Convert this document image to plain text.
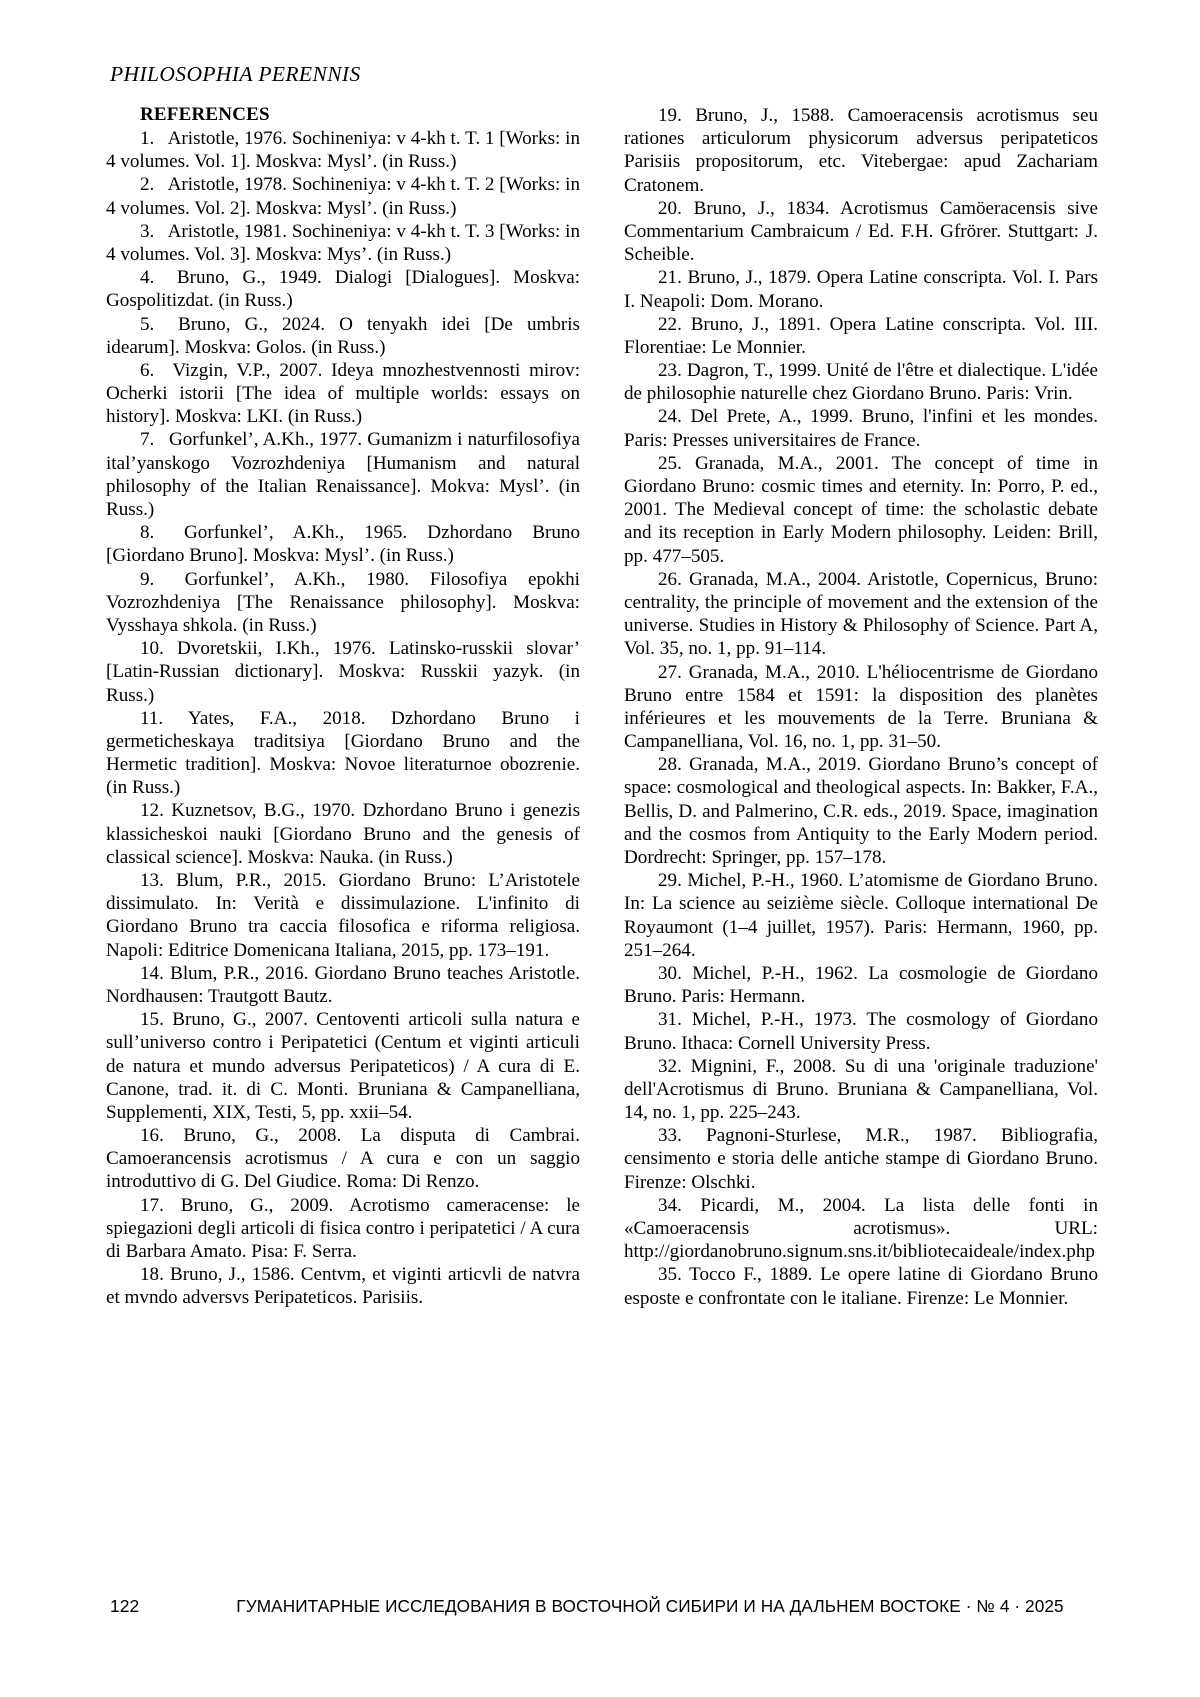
PHILOSOPHIA PERENNIS
REFERENCES

1.  Aristotle, 1976. Sochineniya: v 4-kh t. T. 1 [Works: in 4 volumes. Vol. 1]. Moskva: Mysl’. (in Russ.)

2.  Aristotle, 1978. Sochineniya: v 4-kh t. T. 2 [Works: in 4 volumes. Vol. 2]. Moskva: Mysl’. (in Russ.)

3.  Aristotle, 1981. Sochineniya: v 4-kh t. T. 3 [Works: in 4 volumes. Vol. 3]. Moskva: Mys’. (in Russ.)

4.  Bruno, G., 1949. Dialogi [Dialogues]. Moskva: Gospolitizdat. (in Russ.)

5.  Bruno, G., 2024. O tenyakh idei [De umbris idearum]. Moskva: Golos. (in Russ.)

6.  Vizgin, V.P., 2007. Ideya mnozhestvennosti mirov: Ocherki istorii [The idea of multiple worlds: essays on history]. Moskva: LKI. (in Russ.)

7.  Gorfunkel’, A.Kh., 1977. Gumanizm i naturfilosofiya ital’yanskogo Vozrozhdeniya [Humanism and natural philosophy of the Italian Renaissance]. Mokva: Mysl’. (in Russ.)

8.  Gorfunkel’, A.Kh., 1965. Dzhordano Bruno [Giordano Bruno]. Moskva: Mysl’. (in Russ.)

9.  Gorfunkel’, A.Kh., 1980. Filosofiya epokhi Vozrozhdeniya [The Renaissance philosophy]. Moskva: Vysshaya shkola. (in Russ.)

10. Dvoretskii, I.Kh., 1976. Latinsko-russkii slovar’ [Latin-Russian dictionary]. Moskva: Russkii yazyk. (in Russ.)

11. Yates, F.A., 2018. Dzhordano Bruno i germeticheskaya traditsiya [Giordano Bruno and the Hermetic tradition]. Moskva: Novoe literaturnoe obozrenie. (in Russ.)

12. Kuznetsov, B.G., 1970. Dzhordano Bruno i genezis klassicheskoi nauki [Giordano Bruno and the genesis of classical science]. Moskva: Nauka. (in Russ.)

13. Blum, P.R., 2015. Giordano Bruno: L’Aristotele dissimulato. In: Verità e dissimulazione. L'infinito di Giordano Bruno tra caccia filosofica e riforma religiosa. Napoli: Editrice Domenicana Italiana, 2015, pp. 173–191.

14. Blum, P.R., 2016. Giordano Bruno teaches Aristotle. Nordhausen: Trautgott Bautz.

15. Bruno, G., 2007. Centoventi articoli sulla natura e sull’universo contro i Peripatetici (Centum et viginti articuli de natura et mundo adversus Peripateticos) / A cura di E. Canone, trad. it. di C. Monti. Bruniana & Campanelliana, Supplementi, XIX, Testi, 5, pp. xxii–54.

16. Bruno, G., 2008. La disputa di Cambrai. Camoerancensis acrotismus / A cura e con un saggio introduttivo di G. Del Giudice. Roma: Di Renzo.

17. Bruno, G., 2009. Acrotismo cameracense: le spiegazioni degli articoli di fisica contro i peripatetici / A cura di Barbara Amato. Pisa: F. Serra.

18. Bruno, J., 1586. Centvm, et viginti articvli de natvra et mvndo adversvs Peripateticos. Parisiis.

19. Bruno, J., 1588. Camoeracensis acrotismus seu rationes articulorum physicorum adversus peripateticos Parisiis propositorum, etc. Vitebergae: apud Zachariam Cratonem.

20. Bruno, J., 1834. Acrotismus Camöeracensis sive Commentarium Cambraicum / Ed. F.H. Gfrörer. Stuttgart: J. Scheible.

21. Bruno, J., 1879. Opera Latine conscripta. Vol. I. Pars I. Neapoli: Dom. Morano.

22. Bruno, J., 1891. Opera Latine conscripta. Vol. III. Florentiae: Le Monnier.

23. Dagron, T., 1999. Unité de l'être et dialectique. L'idée de philosophie naturelle chez Giordano Bruno. Paris: Vrin.

24. Del Prete, A., 1999. Bruno, l'infini et les mondes. Paris: Presses universitaires de France.

25. Granada, M.A., 2001. The concept of time in Giordano Bruno: cosmic times and eternity. In: Porro, P. ed., 2001. The Medieval concept of time: the scholastic debate and its reception in Early Modern philosophy. Leiden: Brill, pp. 477–505.

26. Granada, M.A., 2004. Aristotle, Copernicus, Bruno: centrality, the principle of movement and the extension of the universe. Studies in History & Philosophy of Science. Part A, Vol. 35, no. 1, pp. 91–114.

27. Granada, M.A., 2010. L'héliocentrisme de Giordano Bruno entre 1584 et 1591: la disposition des planètes inférieures et les mouvements de la Terre. Bruniana & Campanelliana, Vol. 16, no. 1, pp. 31–50.

28. Granada, M.A., 2019. Giordano Bruno’s concept of space: cosmological and theological aspects. In: Bakker, F.A., Bellis, D. and Palmerino, C.R. eds., 2019. Space, imagination and the cosmos from Antiquity to the Early Modern period. Dordrecht: Springer, pp. 157–178.

29. Michel, P.-H., 1960. L’atomisme de Giordano Bruno. In: La science au seizième siècle. Colloque international De Royaumont (1–4 juillet, 1957). Paris: Hermann, 1960, pp. 251–264.

30. Michel, P.-H., 1962. La cosmologie de Giordano Bruno. Paris: Hermann.

31. Michel, P.-H., 1973. The cosmology of Giordano Bruno. Ithaca: Cornell University Press.

32. Mignini, F., 2008. Su di una 'originale traduzione' dell'Acrotismus di Bruno. Bruniana & Campanelliana, Vol. 14, no. 1, pp. 225–243.

33. Pagnoni-Sturlese, M.R., 1987. Bibliografia, censimento e storia delle antiche stampe di Giordano Bruno. Firenze: Olschki.

34. Picardi, M., 2004. La lista delle fonti in «Camoeracensis acrotismus». URL: http://giordanobruno.signum.sns.it/bibliotecaideale/index.php

35. Tocco F., 1889. Le opere latine di Giordano Bruno esposte e confrontate con le italiane. Firenze: Le Monnier.

122	ГУМАНИТАРНЫЕ ИССЛЕДОВАНИЯ В ВОСТОЧНОЙ СИБИРИ И НА ДАЛЬНЕМ ВОСТОКЕ · № 4 · 2025
